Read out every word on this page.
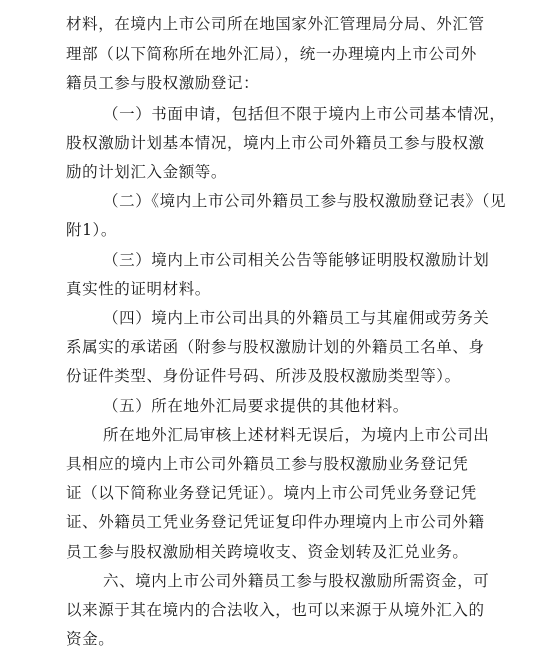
材料，在境内上市公司所在地国家外汇管理局分局、外汇管
理部（以下简称所在地外汇局），统一办理境内上市公司外
籍员工参与股权激励登记：
（一）书面申请，包括但不限于境内上市公司基本情况，
股权激励计划基本情况，境内上市公司外籍员工参与股权激
励的计划汇入金额等。
（二）《境内上市公司外籍员工参与股权激励登记表》（见
附1）。
（三）境内上市公司相关公告等能够证明股权激励计划
真实性的证明材料。
（四）境内上市公司出具的外籍员工与其雇佣或劳务关
系属实的承诺函（附参与股权激励计划的外籍员工名单、身
份证件类型、身份证件号码、所涉及股权激励类型等）。
（五）所在地外汇局要求提供的其他材料。
所在地外汇局审核上述材料无误后，为境内上市公司出
具相应的境内上市公司外籍员工参与股权激励业务登记凭
证（以下简称业务登记凭证）。境内上市公司凭业务登记凭
证、外籍员工凭业务登记凭证复印件办理境内上市公司外籍
员工参与股权激励相关跨境收支、资金划转及汇兑业务。
六、境内上市公司外籍员工参与股权激励所需资金，可
以来源于其在境内的合法收入，也可以来源于从境外汇入的
资金。
